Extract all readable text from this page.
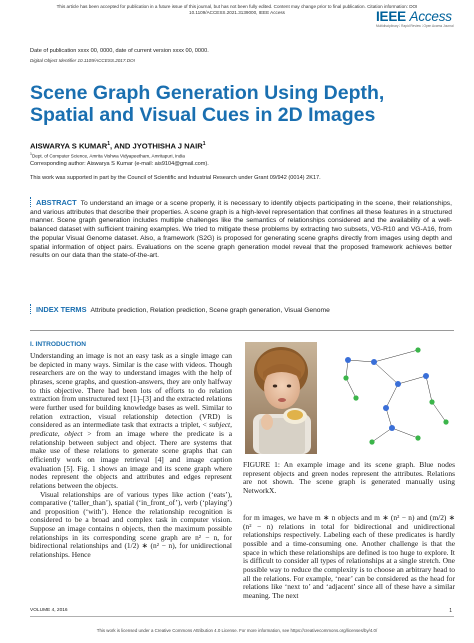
This article has been accepted for publication in a future issue of this journal, but has not been fully edited. Content may change prior to final publication. Citation information: DOI
10.1109/ACCESS.2021.3139000, IEEE Access	IEEE Access
Multidisciplinary ⁞ Rapid Review ⁞ Open Access Journal
Date of publication xxxx 00, 0000, date of current version xxxx 00, 0000.
Digital Object Identifier 10.1109/ACCESS.2017.DOI
Scene Graph Generation Using Depth, Spatial and Visual Cues in 2D Images
AISWARYA S KUMAR$^1$, AND JYOTHISHA J NAIR$^1$
$^1$Dept. of Computer Science, Amrita Vishwa Vidyapeetham, Amritapuri, India
Corresponding author: Aiswarya S Kumar (e-mail: ais9104@gmail.com).
This work was supported in part by the Council of Scientific and Industrial Research under Grant 09/942 (0014) 2K17.
ABSTRACT To understand an image or a scene properly, it is necessary to identify objects participating in the scene, their relationships, and various attributes that describe their properties. A scene graph is a high-level representation that confines all these features in a structured manner. Scene graph generation includes multiple challenges like the semantics of relationships considered and the availability of a well-balanced dataset with sufficient training examples. We tried to mitigate these problems by extracting two subsets, VG-R10 and VG-A16, from the popular Visual Genome dataset. Also, a framework (S2G) is proposed for generating scene graphs directly from images using depth and spatial information of object pairs. Evaluations on the scene graph generation model reveal that the proposed framework achieves better results on our data than the state-of-the-art.
INDEX TERMS Attribute prediction, Relation prediction, Scene graph generation, Visual Genome
I. INTRODUCTION

Understanding an image is not an easy task as a single image can be depicted in many ways. Similar is the case with videos. Though researchers are on the way to understand images with the help of phrases, scene graphs, and question-answers, they are only halfway to this objective. There had been lots of efforts to do relation extraction from unstructured text [1]–[3] and the extracted relations were further used for building knowledge bases as well. Similar to relation extraction, visual relationship detection (VRD) is considered as an intermediate task that extracts a triplet, < subject, predicate, object > from an image where the predicate is a relationship between subject and object. There are systems that make use of these relations to generate scene graphs that can efficiently work on image retrieval [4] and image caption evaluation [5]. Fig. 1 shows an image and its scene graph where nodes represent the objects and attributes and edges represent relations between the objects.

Visual relationships are of various types like action (‘eats’), comparative (‘taller_than’), spatial (‘in_front_of’), verb (‘playing’) and proposition (‘with’). Hence the relationship recognition is considered to be a broad and complex task in computer vision. Suppose an image contains n objects, then the maximum possible relationships in its corresponding scene graph are n² − n, for bidirectional relationships and (1/2) ∗ (n² − n), for unidirectional relationships. Hence

FIGURE 1: An example image and its scene graph. Blue nodes represent objects and green nodes represent the attributes. Relations are not shown. The scene graph is generated manually using NetworkX.
for m images, we have m ∗ n objects and m ∗ (n² − n) and (m/2) ∗ (n² − n) relations in total for bidirectional and unidirectional relationships respectively. Labeling each of these predicates is hardly possible and a time-consuming one. Another challenge is that the space in which these relationships are defined is too huge to explore. It is difficult to consider all types of relationships at a single stretch. One possible way to reduce the complexity is to choose an arbitrary head to all the relations. For example, ‘near’ can be considered as the head for relations like ‘next to’ and ‘adjacent’ since all of these have a similar meaning. The next
VOLUME 4, 2016	1
This work is licensed under a Creative Commons Attribution 4.0 License. For more information, see https://creativecommons.org/licenses/by/4.0/
